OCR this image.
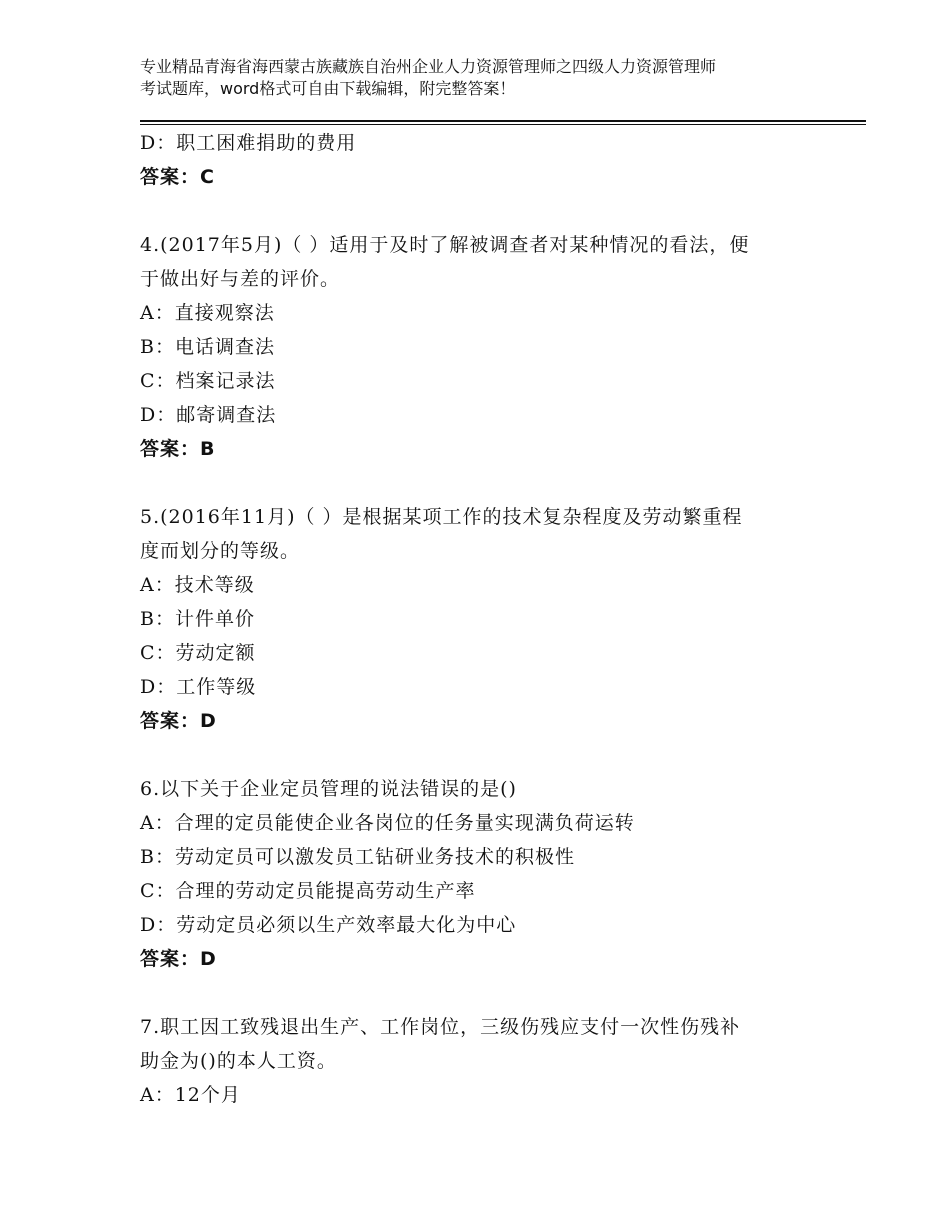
专业精品青海省海西蒙古族藏族自治州企业人力资源管理师之四级人力资源管理师
考试题库，word格式可自由下载编辑，附完整答案！
D：职工困难捐助的费用
答案：C
4.(2017年5月)（ ）适用于及时了解被调查者对某种情况的看法，便
于做出好与差的评价。
A：直接观察法
B：电话调查法
C：档案记录法
D：邮寄调查法
答案：B
5.(2016年11月)（ ）是根据某项工作的技术复杂程度及劳动繁重程
度而划分的等级。
A：技术等级
B：计件单价
C：劳动定额
D：工作等级
答案：D
6.以下关于企业定员管理的说法错误的是()
A：合理的定员能使企业各岗位的任务量实现满负荷运转
B：劳动定员可以激发员工钻研业务技术的积极性
C：合理的劳动定员能提高劳动生产率
D：劳动定员必须以生产效率最大化为中心
答案：D
7.职工因工致残退出生产、工作岗位，三级伤残应支付一次性伤残补
助金为()的本人工资。
A：12个月
